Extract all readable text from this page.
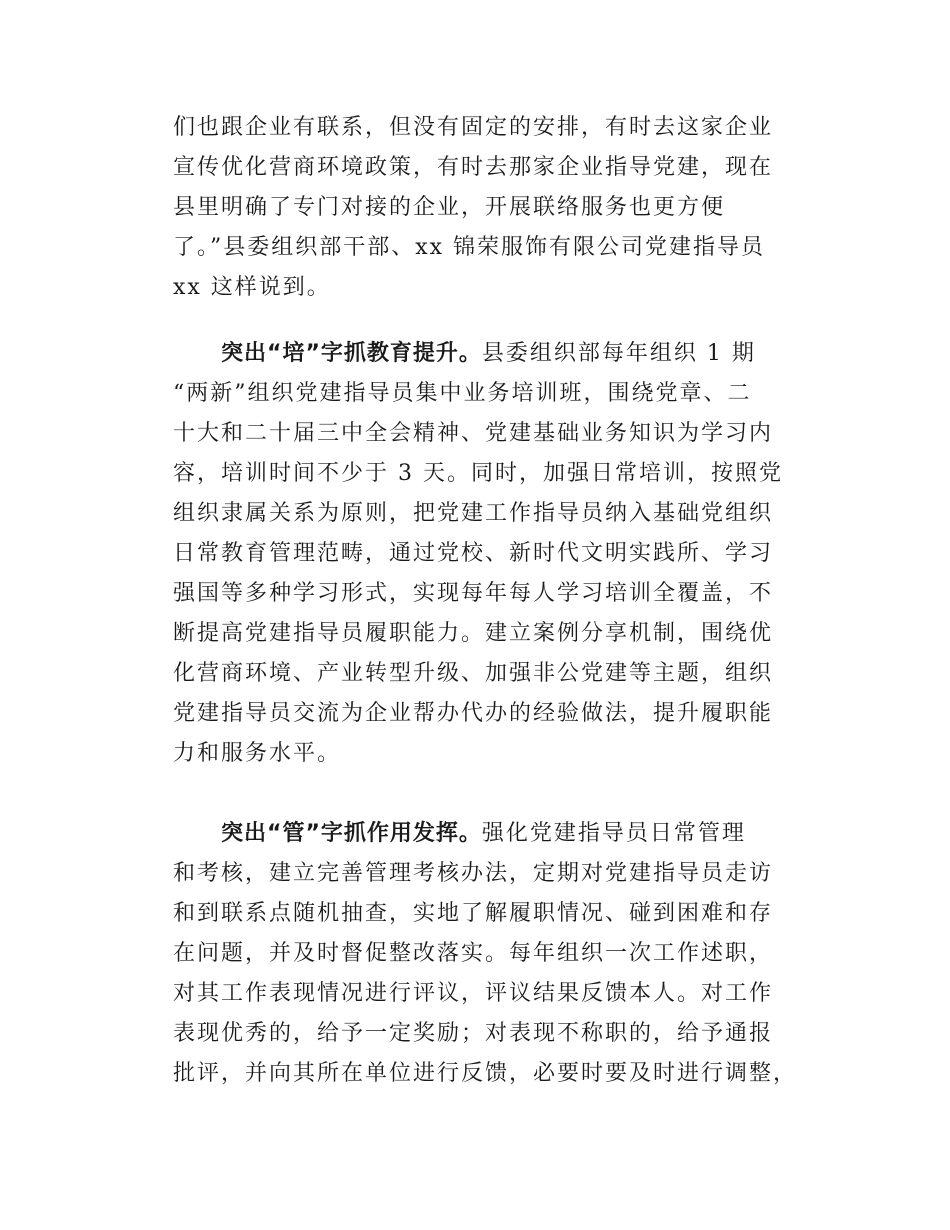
们也跟企业有联系，但没有固定的安排，有时去这家企业
宣传优化营商环境政策，有时去那家企业指导党建，现在
县里明确了专门对接的企业，开展联络服务也更方便
了。”县委组织部干部、xx 锦荣服饰有限公司党建指导员
xx 这样说到。
突出“培”字抓教育提升。县委组织部每年组织 1 期
“两新”组织党建指导员集中业务培训班，围绕党章、二
十大和二十届三中全会精神、党建基础业务知识为学习内
容，培训时间不少于 3 天。同时，加强日常培训，按照党
组织隶属关系为原则，把党建工作指导员纳入基础党组织
日常教育管理范畴，通过党校、新时代文明实践所、学习
强国等多种学习形式，实现每年每人学习培训全覆盖，不
断提高党建指导员履职能力。建立案例分享机制，围绕优
化营商环境、产业转型升级、加强非公党建等主题，组织
党建指导员交流为企业帮办代办的经验做法，提升履职能
力和服务水平。
突出“管”字抓作用发挥。强化党建指导员日常管理
和考核，建立完善管理考核办法，定期对党建指导员走访
和到联系点随机抽查，实地了解履职情况、碰到困难和存
在问题，并及时督促整改落实。每年组织一次工作述职，
对其工作表现情况进行评议，评议结果反馈本人。对工作
表现优秀的，给予一定奖励；对表现不称职的，给予通报
批评，并向其所在单位进行反馈，必要时要及时进行调整，
